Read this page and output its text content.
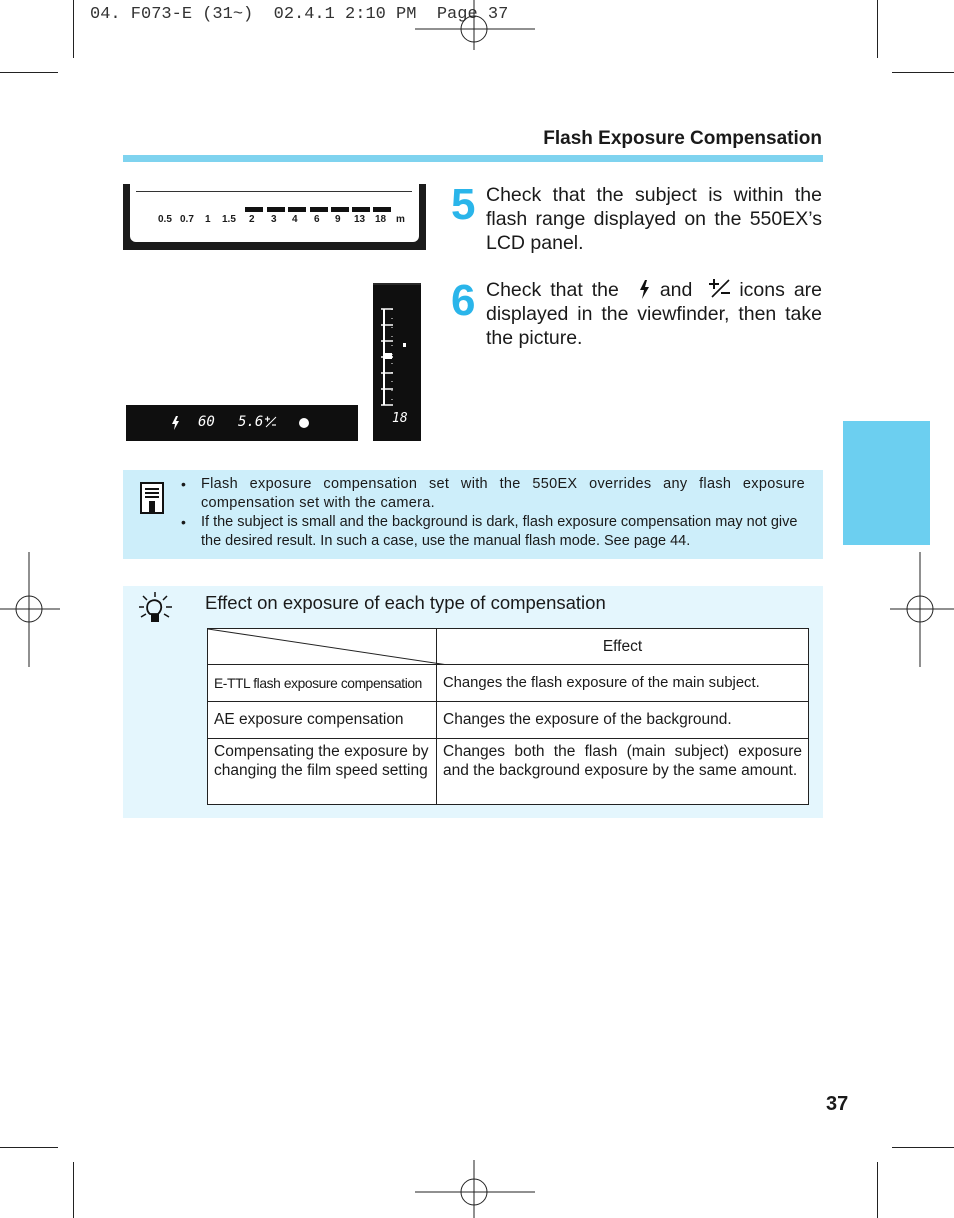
04. F073-E (31~)  02.4.1 2:10 PM  Page 37
Flash Exposure Compensation
0.5 0.7 1 1.5 2 3 4 6 9 13 18 m
60 5.6	18
5 Check that the subject is within the flash range displayed on the 550EX’s LCD panel.
6 Check that the and icons are displayed in the viewfinder, then take the picture.
• Flash exposure compensation set with the 550EX overrides any flash exposure compensation set with the camera.
• If the subject is small and the background is dark, flash exposure compensation may not give the desired result. In such a case, use the manual flash mode. See page 44.
Effect on exposure of each type of compensation
	Effect
E-TTL flash exposure compensation	Changes the flash exposure of the main subject.
AE exposure compensation	Changes the exposure of the background.
Compensating the exposure by changing the film speed setting	Changes both the flash (main subject) exposure and the background exposure by the same amount.
37
